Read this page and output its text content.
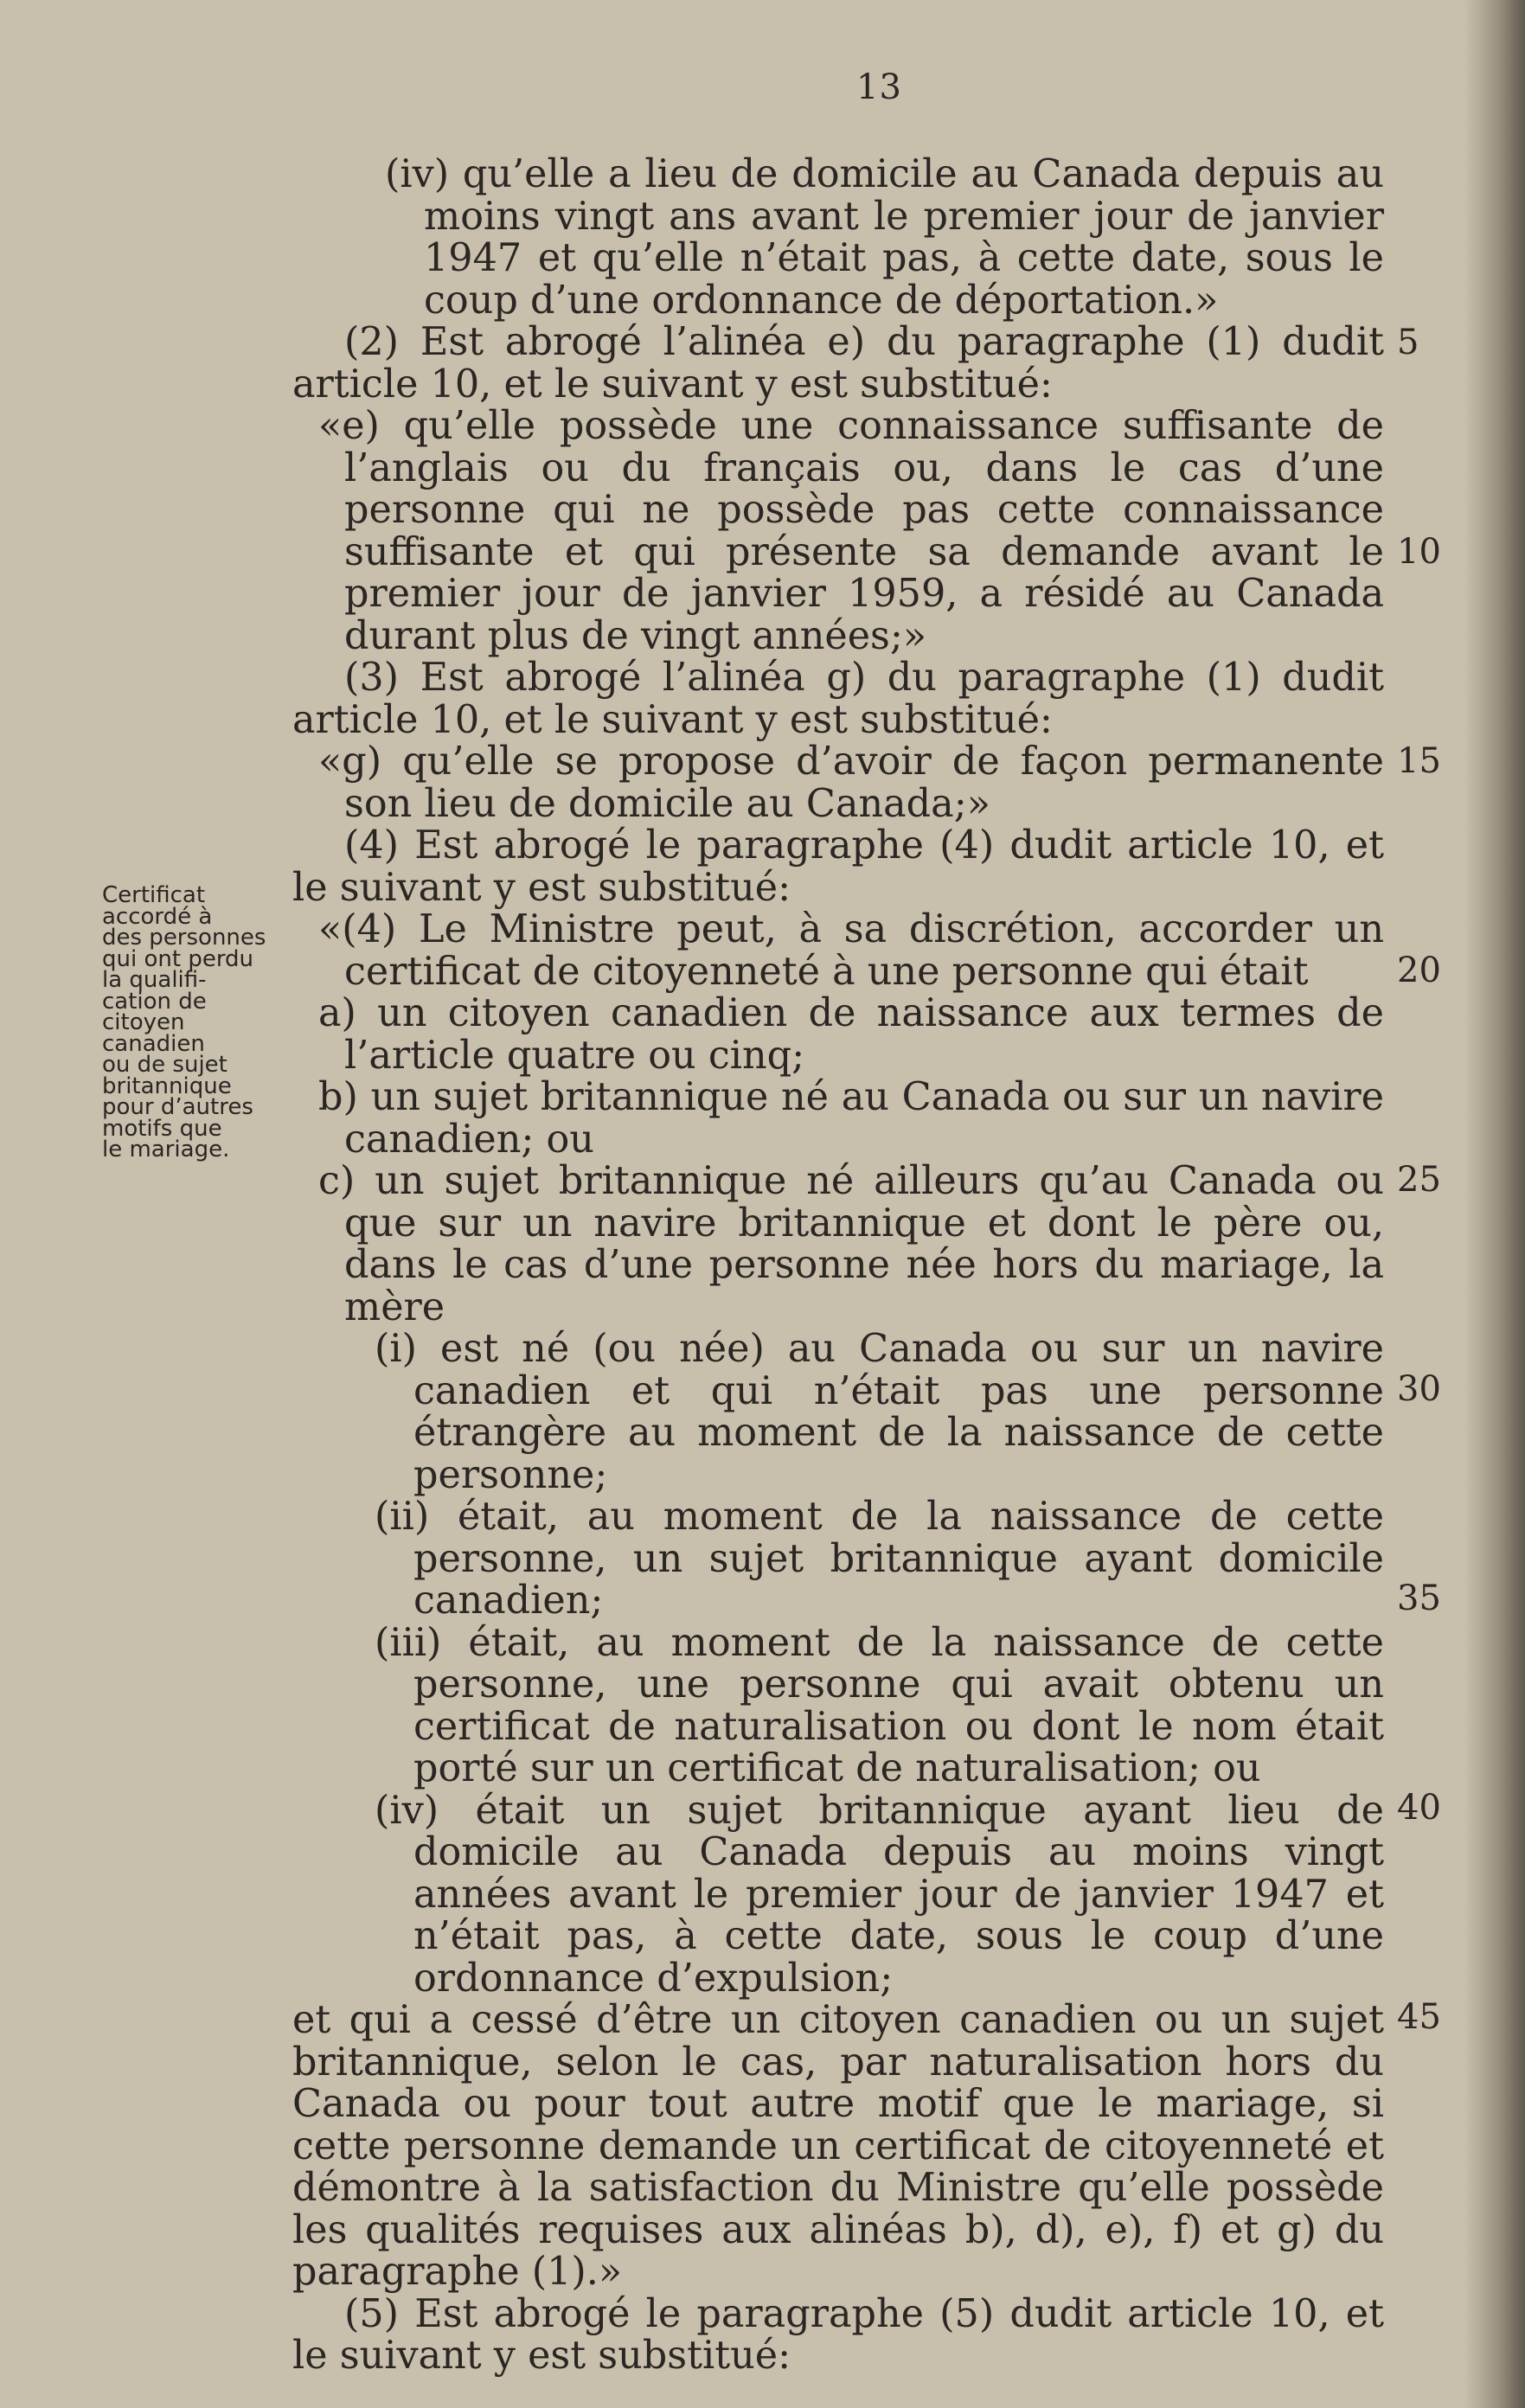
13
Certificat
accordé à
des personnes
qui ont perdu
la qualifi-
cation de
citoyen
canadien
ou de sujet
britannique
pour d’autres
motifs que
le mariage.

(iv) qu’elle a lieu de domicile au Canada depuis au moins vingt ans avant le premier jour de janvier 1947 et qu’elle n’était pas, à cette date, sous le coup d’une ordonnance de déportation.»

(2) Est abrogé l’alinéa e) du paragraphe (1) dudit article 10, et le suivant y est substitué:

«e) qu’elle possède une connaissance suffisante de l’anglais ou du français ou, dans le cas d’une personne qui ne possède pas cette connaissance suffisante et qui présente sa demande avant le premier jour de janvier 1959, a résidé au Canada durant plus de vingt années;»

(3) Est abrogé l’alinéa g) du paragraphe (1) dudit article 10, et le suivant y est substitué:

«g) qu’elle se propose d’avoir de façon permanente son lieu de domicile au Canada;»

(4) Est abrogé le paragraphe (4) dudit article 10, et le suivant y est substitué:

«(4) Le Ministre peut, à sa discrétion, accorder un certificat de citoyenneté à une personne qui était

a) un citoyen canadien de naissance aux termes de l’article quatre ou cinq;

b) un sujet britannique né au Canada ou sur un navire canadien; ou

c) un sujet britannique né ailleurs qu’au Canada ou que sur un navire britannique et dont le père ou, dans le cas d’une personne née hors du mariage, la mère

(i) est né (ou née) au Canada ou sur un navire canadien et qui n’était pas une personne étrangère au moment de la naissance de cette personne;

(ii) était, au moment de la naissance de cette personne, un sujet britannique ayant domicile canadien;

(iii) était, au moment de la naissance de cette personne, une personne qui avait obtenu un certificat de naturalisation ou dont le nom était porté sur un certificat de naturalisation; ou

(iv) était un sujet britannique ayant lieu de domicile au Canada depuis au moins vingt années avant le premier jour de janvier 1947 et n’était pas, à cette date, sous le coup d’une ordonnance d’expulsion;

et qui a cessé d’être un citoyen canadien ou un sujet britannique, selon le cas, par naturalisation hors du Canada ou pour tout autre motif que le mariage, si cette personne demande un certificat de citoyenneté et démontre à la satisfaction du Ministre qu’elle possède les qualités requises aux alinéas b), d), e), f) et g) du paragraphe (1).»

(5) Est abrogé le paragraphe (5) dudit article 10, et le suivant y est substitué:

5
10
15
20
25
30
35
40
45
